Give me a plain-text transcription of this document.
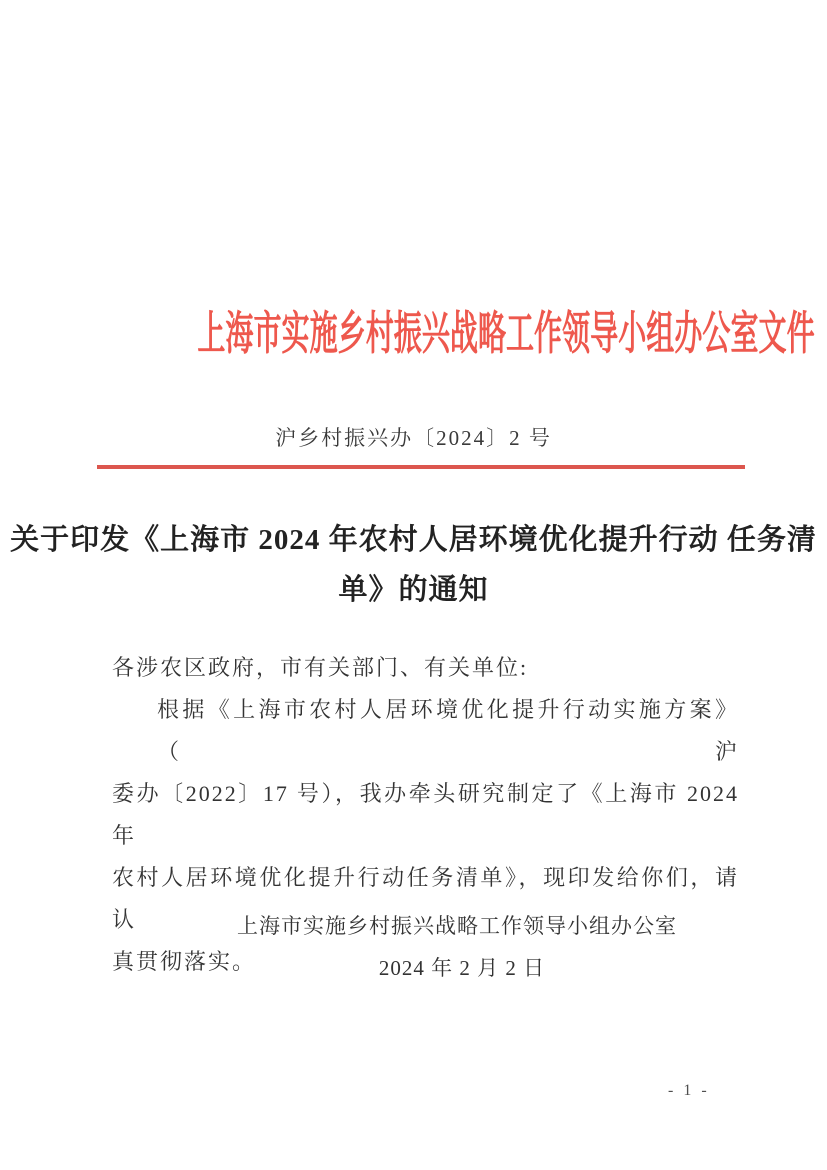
上海市实施乡村振兴战略工作领导小组办公室文件
沪乡村振兴办〔2024〕2 号
关于印发《上海市 2024 年农村人居环境优化提升行动 任务清单》的通知
各涉农区政府，市有关部门、有关单位:
根据《上海市农村人居环境优化提升行动实施方案》（沪
委办〔2022〕17 号），我办牵头研究制定了《上海市 2024 年
农村人居环境优化提升行动任务清单》，现印发给你们，请认
真贯彻落实。
上海市实施乡村振兴战略工作领导小组办公室
2024 年 2 月 2 日
- 1 -
